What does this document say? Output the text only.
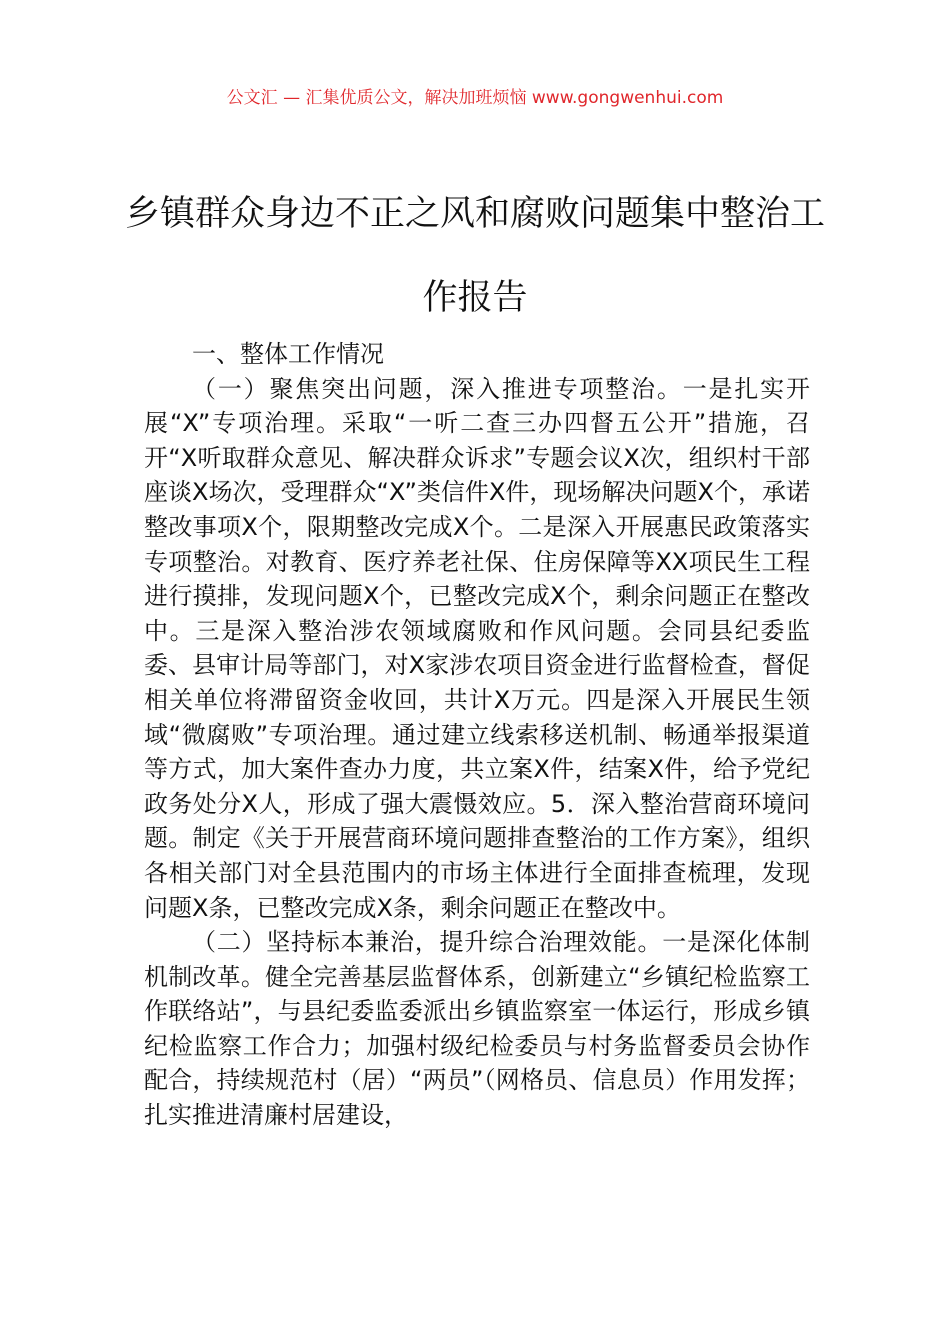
公文汇 — 汇集优质公文，解决加班烦恼 www.gongwenhui.com
乡镇群众身边不正之风和腐败问题集中整治工作报告

一、整体工作情况

（一）聚焦突出问题，深入推进专项整治。一是扎实开展“X”专项治理。采取“一听二查三办四督五公开”措施，召开“X听取群众意见、解决群众诉求”专题会议X次，组织村干部座谈X场次，受理群众“X”类信件X件，现场解决问题X个，承诺整改事项X个，限期整改完成X个。二是深入开展惠民政策落实专项整治。对教育、医疗养老社保、住房保障等XX项民生工程进行摸排，发现问题X个，已整改完成X个，剩余问题正在整改中。三是深入整治涉农领域腐败和作风问题。会同县纪委监委、县审计局等部门，对X家涉农项目资金进行监督检查，督促相关单位将滞留资金收回，共计X万元。四是深入开展民生领域“微腐败”专项治理。通过建立线索移送机制、畅通举报渠道等方式，加大案件查办力度，共立案X件，结案X件，给予党纪政务处分X人，形成了强大震慑效应。5．深入整治营商环境问题。制定《关于开展营商环境问题排查整治的工作方案》，组织各相关部门对全县范围内的市场主体进行全面排查梳理，发现问题X条，已整改完成X条，剩余问题正在整改中。

（二）坚持标本兼治，提升综合治理效能。一是深化体制机制改革。健全完善基层监督体系，创新建立“乡镇纪检监察工作联络站”，与县纪委监委派出乡镇监察室一体运行，形成乡镇纪检监察工作合力；加强村级纪检委员与村务监督委员会协作配合，持续规范村（居）“两员”（网格员、信息员）作用发挥；扎实推进清廉村居建设，
